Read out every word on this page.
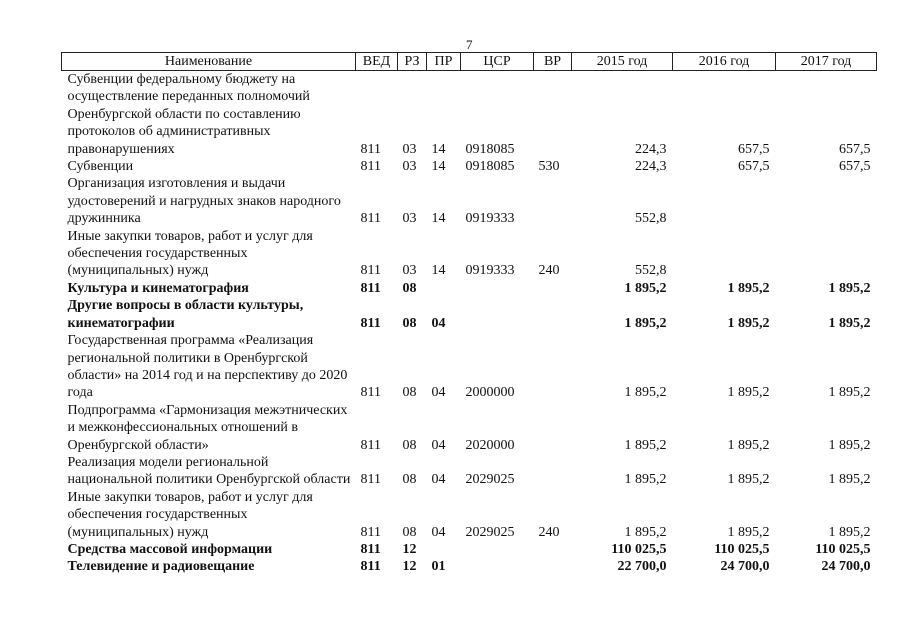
7
Наименование	ВЕД	РЗ	ПР	ЦСР	ВР	2015 год	2016 год	2017 год
Субвенции федеральному бюджету на осуществление переданных полномочий Оренбургской области по составлению протоколов об административных правонарушениях	811	03	14	0918085		224,3	657,5	657,5
Субвенции	811	03	14	0918085	530	224,3	657,5	657,5
Организация изготовления и выдачи удостоверений и нагрудных знаков народного дружинника	811	03	14	0919333		552,8		
Иные закупки товаров, работ и услуг для обеспечения государственных (муниципальных) нужд	811	03	14	0919333	240	552,8		
Культура и кинематография	811	08				1 895,2	1 895,2	1 895,2
Другие вопросы в области культуры, кинематографии	811	08	04			1 895,2	1 895,2	1 895,2
Государственная программа «Реализация региональной политики в Оренбургской области» на 2014 год и на перспективу до 2020 года	811	08	04	2000000		1 895,2	1 895,2	1 895,2
Подпрограмма «Гармонизация межэтнических и межконфессиональных отношений в Оренбургской области»	811	08	04	2020000		1 895,2	1 895,2	1 895,2
Реализация модели региональной национальной политики Оренбургской области	811	08	04	2029025		1 895,2	1 895,2	1 895,2
Иные закупки товаров, работ и услуг для обеспечения государственных (муниципальных) нужд	811	08	04	2029025	240	1 895,2	1 895,2	1 895,2
Средства массовой информации	811	12				110 025,5	110 025,5	110 025,5
Телевидение и радиовещание	811	12	01			22 700,0	24 700,0	24 700,0
